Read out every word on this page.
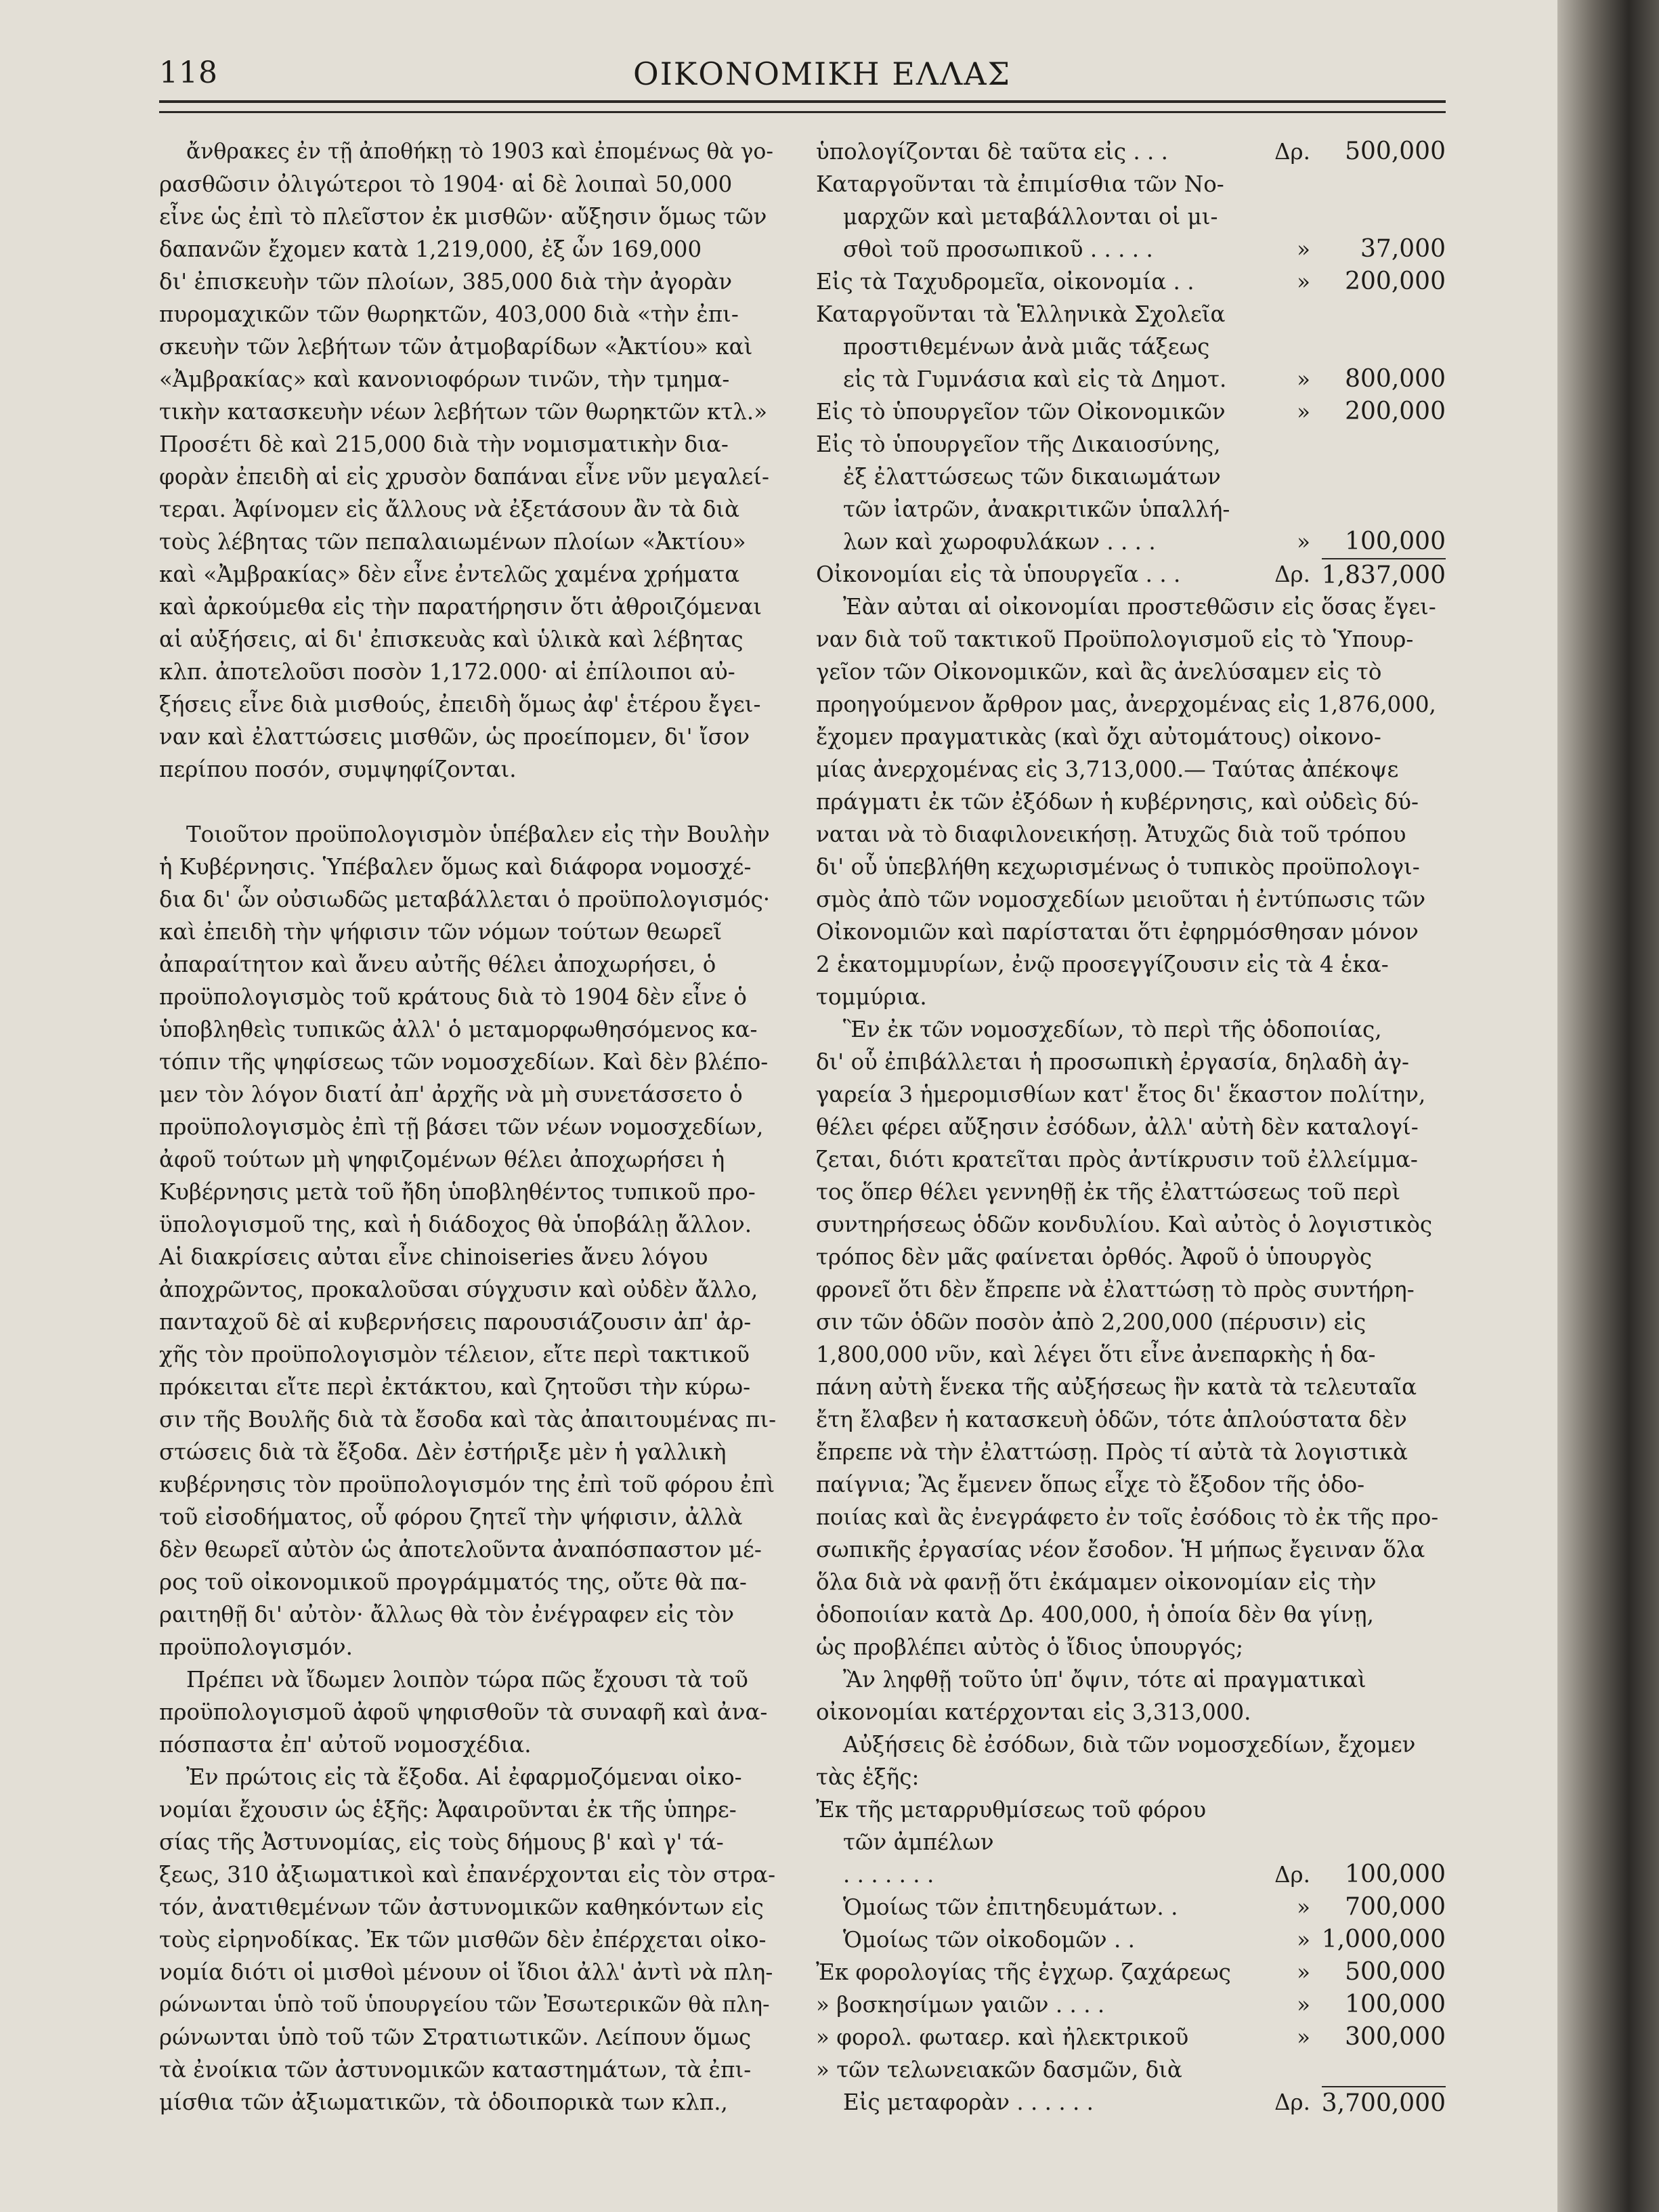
118	ΟΙΚΟΝΟΜΙΚΗ ΕΛΛΑΣ
ἄνθρακες ἐν τῇ ἀποθήκῃ τὸ 1903 καὶ ἐπομένως θὰ γο-
ρασθῶσιν ὀλιγώτεροι τὸ 1904· αἱ δὲ λοιπαὶ 50,000
εἶνε ὡς ἐπὶ τὸ πλεῖστον ἐκ μισθῶν· αὔξησιν ὅμως τῶν
δαπανῶν ἔχομεν κατὰ 1,219,000, ἐξ ὧν 169,000
δι' ἐπισκευὴν τῶν πλοίων, 385,000 διὰ τὴν ἀγορὰν
πυρομαχικῶν τῶν θωρηκτῶν, 403,000 διὰ «τὴν ἐπι-
σκευὴν τῶν λεβήτων τῶν ἀτμοβαρίδων «Ἀκτίου» καὶ
«Ἀμβρακίας» καὶ κανονιοφόρων τινῶν, τὴν τμημα-
τικὴν κατασκευὴν νέων λεβήτων τῶν θωρηκτῶν κτλ.»
Προσέτι δὲ καὶ 215,000 διὰ τὴν νομισματικὴν δια-
φορὰν ἐπειδὴ αἱ εἰς χρυσὸν δαπάναι εἶνε νῦν μεγαλεί-
τεραι. Ἀφίνομεν εἰς ἄλλους νὰ ἐξετάσουν ἂν τὰ διὰ
τοὺς λέβητας τῶν πεπαλαιωμένων πλοίων «Ἀκτίου»
καὶ «Ἀμβρακίας» δὲν εἶνε ἐντελῶς χαμένα χρήματα
καὶ ἀρκούμεθα εἰς τὴν παρατήρησιν ὅτι ἀθροιζόμεναι
αἱ αὐξήσεις, αἱ δι' ἐπισκευὰς καὶ ὑλικὰ καὶ λέβητας
κλπ. ἀποτελοῦσι ποσὸν 1,172.000· αἱ ἐπίλοιποι αὐ-
ξήσεις εἶνε διὰ μισθούς, ἐπειδὴ ὅμως ἀφ' ἑτέρου ἔγει-
ναν καὶ ἐλαττώσεις μισθῶν, ὡς προείπομεν, δι' ἴσον
περίπου ποσόν, συμψηφίζονται.
Τοιοῦτον προϋπολογισμὸν ὑπέβαλεν εἰς τὴν Βουλὴν
ἡ Κυβέρνησις. Ὑπέβαλεν ὅμως καὶ διάφορα νομοσχέ-
δια δι' ὧν οὐσιωδῶς μεταβάλλεται ὁ προϋπολογισμός·
καὶ ἐπειδὴ τὴν ψήφισιν τῶν νόμων τούτων θεωρεῖ
ἀπαραίτητον καὶ ἄνευ αὐτῆς θέλει ἀποχωρήσει, ὁ
προϋπολογισμὸς τοῦ κράτους διὰ τὸ 1904 δὲν εἶνε ὁ
ὑποβληθεὶς τυπικῶς ἀλλ' ὁ μεταμορφωθησόμενος κα-
τόπιν τῆς ψηφίσεως τῶν νομοσχεδίων. Καὶ δὲν βλέπο-
μεν τὸν λόγον διατί ἀπ' ἀρχῆς νὰ μὴ συνετάσσετο ὁ
προϋπολογισμὸς ἐπὶ τῇ βάσει τῶν νέων νομοσχεδίων,
ἀφοῦ τούτων μὴ ψηφιζομένων θέλει ἀποχωρήσει ἡ
Κυβέρνησις μετὰ τοῦ ἤδη ὑποβληθέντος τυπικοῦ προ-
ϋπολογισμοῦ της, καὶ ἡ διάδοχος θὰ ὑποβάλῃ ἄλλον.
Αἱ διακρίσεις αὐται εἶνε chinoiseries ἄνευ λόγου
ἀποχρῶντος, προκαλοῦσαι σύγχυσιν καὶ οὐδὲν ἄλλο,
πανταχοῦ δὲ αἱ κυβερνήσεις παρουσιάζουσιν ἀπ' ἀρ-
χῆς τὸν προϋπολογισμὸν τέλειον, εἴτε περὶ τακτικοῦ
πρόκειται εἴτε περὶ ἐκτάκτου, καὶ ζητοῦσι τὴν κύρω-
σιν τῆς Βουλῆς διὰ τὰ ἔσοδα καὶ τὰς ἀπαιτουμένας πι-
στώσεις διὰ τὰ ἔξοδα. Δὲν ἐστήριξε μὲν ἡ γαλλικὴ
κυβέρνησις τὸν προϋπολογισμόν της ἐπὶ τοῦ φόρου ἐπὶ
τοῦ εἰσοδήματος, οὗ φόρου ζητεῖ τὴν ψήφισιν, ἀλλὰ
δὲν θεωρεῖ αὐτὸν ὡς ἀποτελοῦντα ἀναπόσπαστον μέ-
ρος τοῦ οἰκονομικοῦ προγράμματός της, οὔτε θὰ πα-
ραιτηθῇ δι' αὐτὸν· ἄλλως θὰ τὸν ἐνέγραφεν εἰς τὸν
προϋπολογισμόν.
Πρέπει νὰ ἴδωμεν λοιπὸν τώρα πῶς ἔχουσι τὰ τοῦ
προϋπολογισμοῦ ἀφοῦ ψηφισθοῦν τὰ συναφῆ καὶ ἀνα-
πόσπαστα ἐπ' αὐτοῦ νομοσχέδια.
Ἐν πρώτοις εἰς τὰ ἔξοδα. Αἱ ἐφαρμοζόμεναι οἰκο-
νομίαι ἔχουσιν ὡς ἑξῆς: Ἀφαιροῦνται ἐκ τῆς ὑπηρε-
σίας τῆς Ἀστυνομίας, εἰς τοὺς δήμους β' καὶ γ' τά-
ξεως, 310 ἀξιωματικοὶ καὶ ἐπανέρχονται εἰς τὸν στρα-
τόν, ἀνατιθεμένων τῶν ἀστυνομικῶν καθηκόντων εἰς
τοὺς εἰρηνοδίκας. Ἐκ τῶν μισθῶν δὲν ἐπέρχεται οἰκο-
νομία διότι οἱ μισθοὶ μένουν οἱ ἴδιοι ἀλλ' ἀντὶ νὰ πλη-
ρώνωνται ὑπὸ τοῦ ὑπουργείου τῶν Ἐσωτερικῶν θὰ πλη-
ρώνωνται ὑπὸ τοῦ τῶν Στρατιωτικῶν. Λείπουν ὅμως
τὰ ἐνοίκια τῶν ἀστυνομικῶν καταστημάτων, τὰ ἐπι-
μίσθια τῶν ἀξιωματικῶν, τὰ ὁδοιπορικὰ των κλπ.,
ὑπολογίζονται δὲ ταῦτα εἰς . . .	Δρ. 500,000
Καταργοῦνται τὰ ἐπιμίσθια τῶν Νο-
μαρχῶν καὶ μεταβάλλονται οἱ μι-
σθοὶ τοῦ προσωπικοῦ . . . . .	» 37,000
Εἰς τὰ Ταχυδρομεῖα, οἰκονομία . .	» 200,000
Καταργοῦνται τὰ Ἑλληνικὰ Σχολεῖα
προστιθεμένων ἀνὰ μιᾶς τάξεως
εἰς τὰ Γυμνάσια καὶ εἰς τὰ Δημοτ.	» 800,000
Εἰς τὸ ὑπουργεῖον τῶν Οἰκονομικῶν	» 200,000
Εἰς τὸ ὑπουργεῖον τῆς Δικαιοσύνης,
ἐξ ἐλαττώσεως τῶν δικαιωμάτων
τῶν ἰατρῶν, ἀνακριτικῶν ὑπαλλή-
λων καὶ χωροφυλάκων . . . .	» 100,000
Οἰκονομίαι εἰς τὰ ὑπουργεῖα . . .	Δρ. 1,837,000
Ἐὰν αὐται αἱ οἰκονομίαι προστεθῶσιν εἰς ὅσας ἔγει-
ναν διὰ τοῦ τακτικοῦ Προϋπολογισμοῦ εἰς τὸ Ὑπουρ-
γεῖον τῶν Οἰκονομικῶν, καὶ ἂς ἀνελύσαμεν εἰς τὸ
προηγούμενον ἄρθρον μας, ἀνερχομένας εἰς 1,876,000,
ἔχομεν πραγματικὰς (καὶ ὄχι αὐτομάτους) οἰκονο-
μίας ἀνερχομένας εἰς 3,713,000.— Ταύτας ἀπέκοψε
πράγματι ἐκ τῶν ἐξόδων ἡ κυβέρνησις, καὶ οὐδεὶς δύ-
ναται νὰ τὸ διαφιλονεικήσῃ. Ἀτυχῶς διὰ τοῦ τρόπου
δι' οὗ ὑπεβλήθη κεχωρισμένως ὁ τυπικὸς προϋπολογι-
σμὸς ἀπὸ τῶν νομοσχεδίων μειοῦται ἡ ἐντύπωσις τῶν
Οἰκονομιῶν καὶ παρίσταται ὅτι ἐφηρμόσθησαν μόνον
2 ἑκατομμυρίων, ἐνῷ προσεγγίζουσιν εἰς τὰ 4 ἑκα-
τομμύρια.
Ἓν ἐκ τῶν νομοσχεδίων, τὸ περὶ τῆς ὁδοποιίας,
δι' οὗ ἐπιβάλλεται ἡ προσωπικὴ ἐργασία, δηλαδὴ ἀγ-
γαρεία 3 ἡμερομισθίων κατ' ἔτος δι' ἕκαστον πολίτην,
θέλει φέρει αὔξησιν ἐσόδων, ἀλλ' αὐτὴ δὲν καταλογί-
ζεται, διότι κρατεῖται πρὸς ἀντίκρυσιν τοῦ ἐλλείμμα-
τος ὅπερ θέλει γεννηθῇ ἐκ τῆς ἐλαττώσεως τοῦ περὶ
συντηρήσεως ὁδῶν κονδυλίου. Καὶ αὐτὸς ὁ λογιστικὸς
τρόπος δὲν μᾶς φαίνεται ὀρθός. Ἀφοῦ ὁ ὑπουργὸς
φρονεῖ ὅτι δὲν ἔπρεπε νὰ ἐλαττώσῃ τὸ πρὸς συντήρη-
σιν τῶν ὁδῶν ποσὸν ἀπὸ 2,200,000 (πέρυσιν) εἰς
1,800,000 νῦν, καὶ λέγει ὅτι εἶνε ἀνεπαρκὴς ἡ δα-
πάνη αὐτὴ ἕνεκα τῆς αὐξήσεως ἣν κατὰ τὰ τελευταῖα
ἔτη ἔλαβεν ἡ κατασκευὴ ὁδῶν, τότε ἁπλούστατα δὲν
ἔπρεπε νὰ τὴν ἐλαττώσῃ. Πρὸς τί αὐτὰ τὰ λογιστικὰ
παίγνια; Ἂς ἔμενεν ὅπως εἶχε τὸ ἔξοδον τῆς ὁδο-
ποιίας καὶ ἂς ἐνεγράφετο ἐν τοῖς ἐσόδοις τὸ ἐκ τῆς προ-
σωπικῆς ἐργασίας νέον ἔσοδον. Ἡ μήπως ἔγειναν ὅλα
ὅλα διὰ νὰ φανῇ ὅτι ἐκάμαμεν οἰκονομίαν εἰς τὴν
ὁδοποιίαν κατὰ Δρ. 400,000, ἡ ὁποία δὲν θα γίνῃ,
ὡς προβλέπει αὐτὸς ὁ ἴδιος ὑπουργός;
Ἂν ληφθῇ τοῦτο ὑπ' ὄψιν, τότε αἱ πραγματικαὶ
οἰκονομίαι κατέρχονται εἰς 3,313,000.
Αὐξήσεις δὲ ἐσόδων, διὰ τῶν νομοσχεδίων, ἔχομεν
τὰς ἑξῆς:
Ἐκ τῆς μεταρρυθμίσεως τοῦ φόρου
τῶν ἀμπέλων
. . . . . . .	Δρ. 100,000
Ὁμοίως τῶν ἐπιτηδευμάτων. .	» 700,000
Ὁμοίως τῶν οἰκοδομῶν . .	» 1,000,000
Ἐκ φορολογίας τῆς ἐγχωρ. ζαχάρεως	» 500,000
» βοσκησίμων γαιῶν . . . .	» 100,000
» φορολ. φωταερ. καὶ ἠλεκτρικοῦ	» 300,000
» τῶν τελωνειακῶν δασμῶν, διὰ
Εἰς μεταφορὰν . . . . . .	Δρ. 3,700,000
